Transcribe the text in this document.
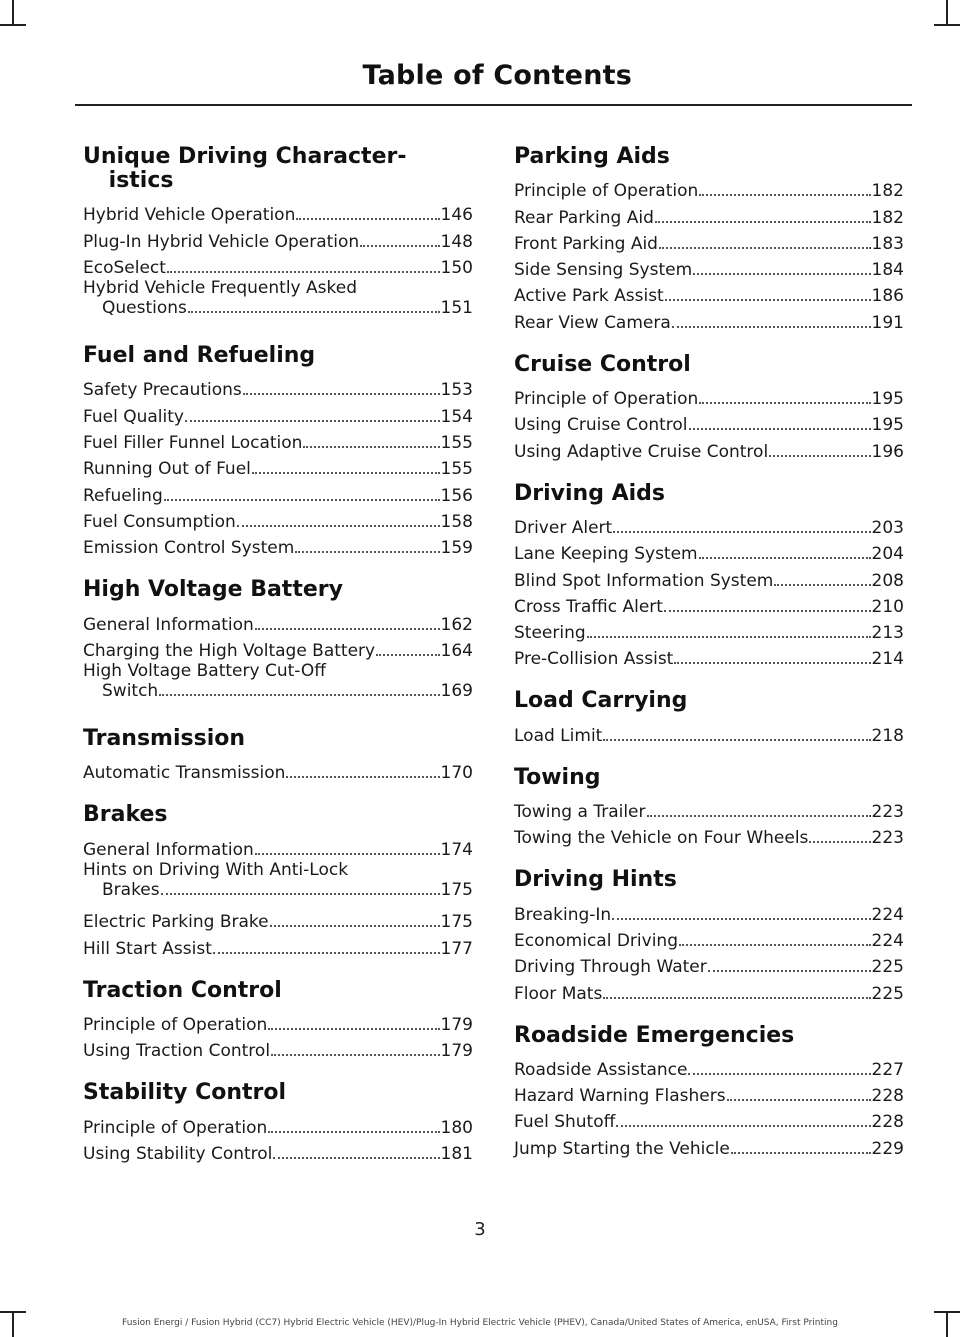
Table of Contents
Unique Driving Character- istics
Hybrid Vehicle Operation	146
Plug-In Hybrid Vehicle Operation	148
EcoSelect	150
Hybrid Vehicle Frequently Asked
Questions	151
Fuel and Refueling
Safety Precautions	153
Fuel Quality	154
Fuel Filler Funnel Location	155
Running Out of Fuel	155
Refueling	156
Fuel Consumption	158
Emission Control System	159
High Voltage Battery
General Information	162
Charging the High Voltage Battery	164
High Voltage Battery Cut-Off
Switch	169
Transmission
Automatic Transmission	170
Brakes
General Information	174
Hints on Driving With Anti-Lock
Brakes	175
Electric Parking Brake	175
Hill Start Assist	177
Traction Control
Principle of Operation	179
Using Traction Control	179
Stability Control
Principle of Operation	180
Using Stability Control	181
Parking Aids
Principle of Operation	182
Rear Parking Aid	182
Front Parking Aid	183
Side Sensing System	184
Active Park Assist	186
Rear View Camera	191
Cruise Control
Principle of Operation	195
Using Cruise Control	195
Using Adaptive Cruise Control	196
Driving Aids
Driver Alert	203
Lane Keeping System	204
Blind Spot Information System	208
Cross Traffic Alert	210
Steering	213
Pre-Collision Assist	214
Load Carrying
Load Limit	218
Towing
Towing a Trailer	223
Towing the Vehicle on Four Wheels	223
Driving Hints
Breaking-In	224
Economical Driving	224
Driving Through Water	225
Floor Mats	225
Roadside Emergencies
Roadside Assistance	227
Hazard Warning Flashers	228
Fuel Shutoff	228
Jump Starting the Vehicle	229
3
Fusion Energi / Fusion Hybrid (CC7) Hybrid Electric Vehicle (HEV)/Plug-In Hybrid Electric Vehicle (PHEV), Canada/United States of America, enUSA, First Printing
